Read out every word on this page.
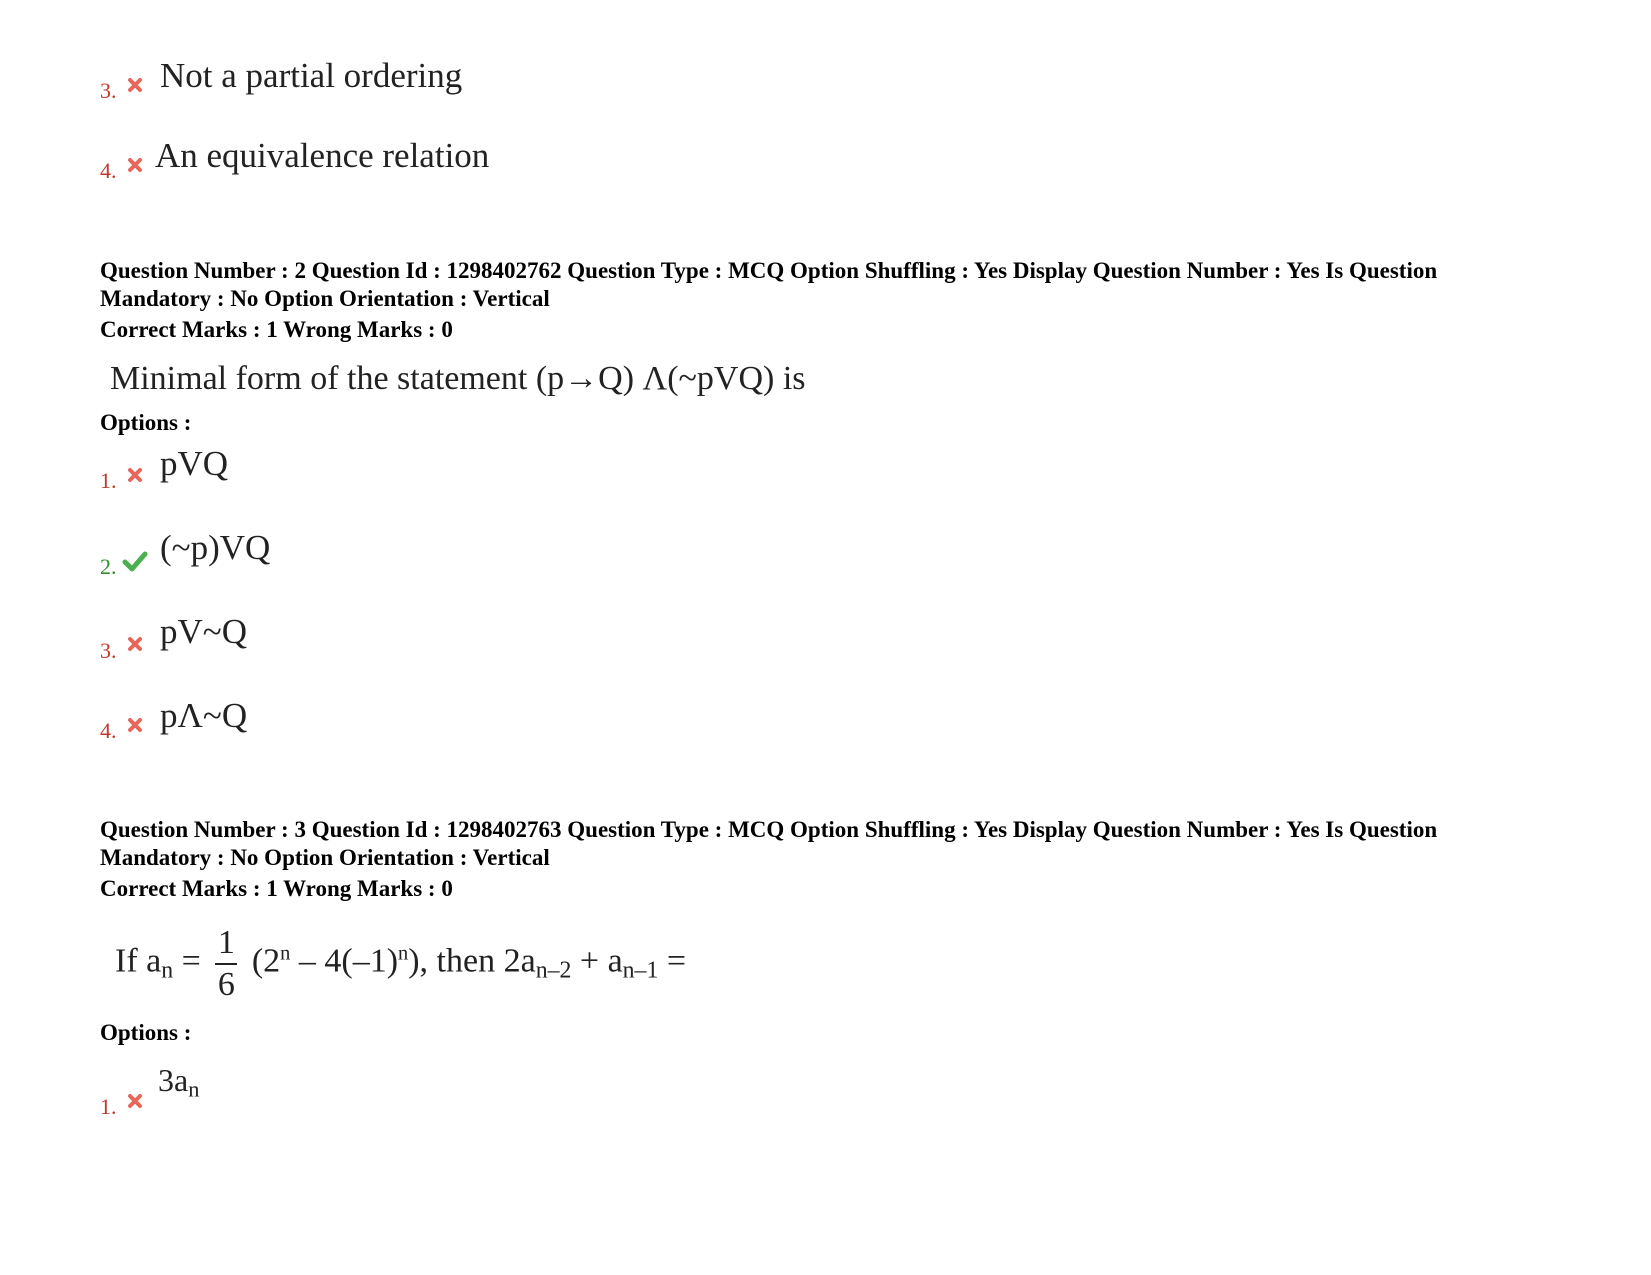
3. Not a partial ordering
4. An equivalence relation
Question Number : 2 Question Id : 1298402762 Question Type : MCQ Option Shuffling : Yes Display Question Number : Yes Is Question
Mandatory : No Option Orientation : Vertical
Correct Marks : 1 Wrong Marks : 0
Minimal form of the statement (p→Q) Λ(~pVQ) is
Options :
1. pVQ
2. (~p)VQ
3. pV~Q
4. pΛ~Q
Question Number : 3 Question Id : 1298402763 Question Type : MCQ Option Shuffling : Yes Display Question Number : Yes Is Question
Mandatory : No Option Orientation : Vertical
Correct Marks : 1 Wrong Marks : 0
If $a_n = \frac{1}{6} (2^n - 4(-1)^n)$, then $2a_{n-2} + a_{n-1}$ =
Options :
1.
$3a_n$
